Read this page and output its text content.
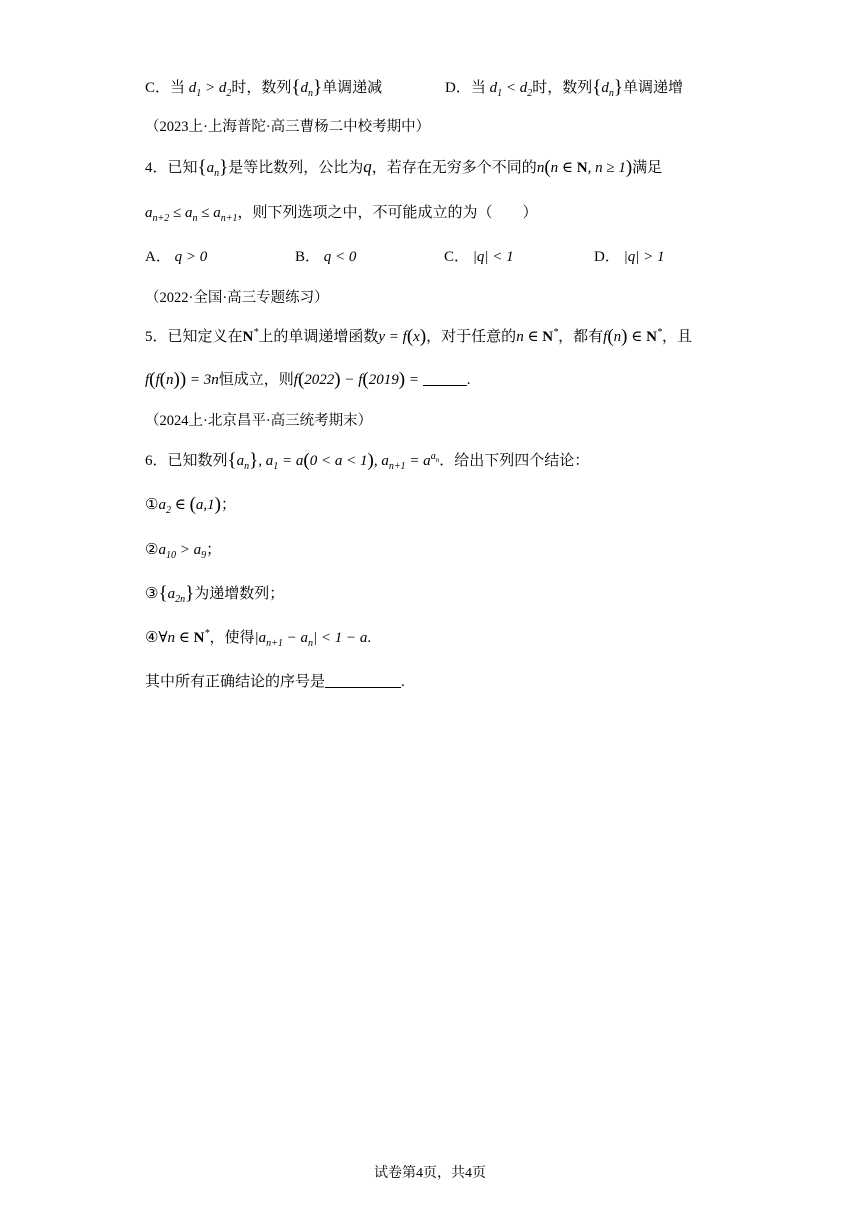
C．当 $d_1 > d_2$时，数列$\{d_n\}$单调递减	D．当 $d_1 < d_2$时，数列$\{d_n\}$单调递增
（2023上·上海普陀·高三曹杨二中校考期中）
4．已知$\{a_n\}$是等比数列，公比为q，若存在无穷多个不同的n(n ∈ N, n ≥ 1)满足
$a_{n+2} \le a_n \le a_{n+1}$，则下列选项之中，不可能成立的为（　　）
A． q > 0	B． q < 0	C． |q| < 1	D． |q| > 1
（2022·全国·高三专题练习）
5．已知定义在N*上的单调递增函数y = f(x)，对于任意的n ∈ N*，都有f(n) ∈ N*，且
f(f(n)) = 3n恒成立，则f(2022) − f(2019) =	.
（2024上·北京昌平·高三统考期末）
6．已知数列$\{a_n\}$, $a_1 = a(0 < a < 1)$, $a_{n+1} = a^{a_n}$．给出下列四个结论：
$①a_2$ ∈ (a,1)；
$②a_{10} > a_9$；
$③\{a_{2n}\}$为递增数列；
④∀n ∈ N*，使得$|a_{n+1} - a_n| < 1 - a$.
其中所有正确结论的序号是	.
试卷第4页，共4页
